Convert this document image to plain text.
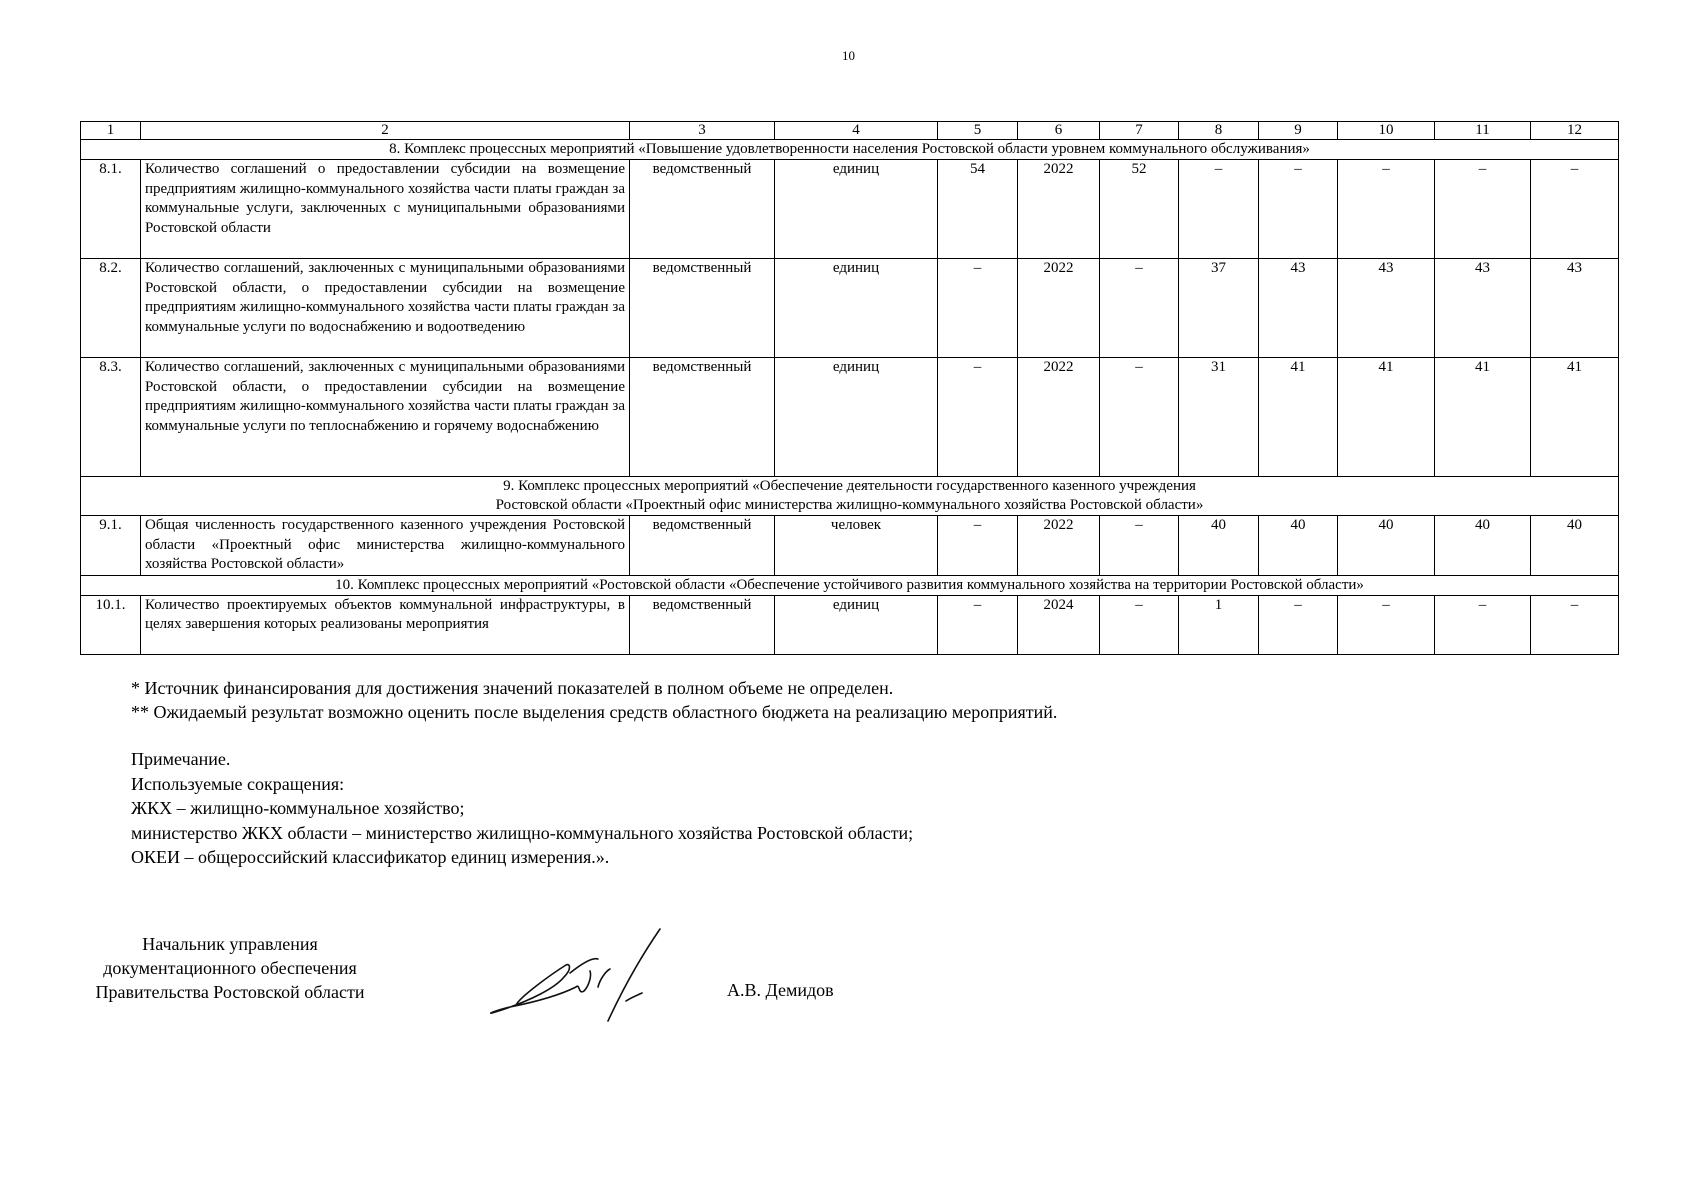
10
1	2	3	4	5	6	7	8	9	10	11	12
8. Комплекс процессных мероприятий «Повышение удовлетворенности населения Ростовской области уровнем коммунального обслуживания»											
8.1.	Количество соглашений о предоставлении субсидии на возмещение предприятиям жилищно-коммунального хозяйства части платы граждан за коммунальные услуги, заключенных с муниципальными образованиями Ростовской области	ведомственный	единиц	54	2022	52	–	–	–	–	–
8.2.	Количество соглашений, заключенных с муниципальными образованиями Ростовской области, о предоставлении субсидии на возмещение предприятиям жилищно-коммунального хозяйства части платы граждан за коммунальные услуги по водоснабжению и водоотведению	ведомственный	единиц	–	2022	–	37	43	43	43	43
8.3.	Количество соглашений, заключенных с муниципальными образованиями Ростовской области, о предоставлении субсидии на возмещение предприятиям жилищно-коммунального хозяйства части платы граждан за коммунальные услуги по теплоснабжению и горячему водоснабжению	ведомственный	единиц	–	2022	–	31	41	41	41	41

9. Комплекс процессных мероприятий «Обеспечение деятельности государственного казенного учреждения
Ростовской области «Проектный офис министерства жилищно-коммунального хозяйства Ростовской области»											

9.1.	Общая численность государственного казенного учреждения Ростовской области «Проектный офис министерства жилищно-коммунального хозяйства Ростовской области»	ведомственный	человек	–	2022	–	40	40	40	40	40
10. Комплекс процессных мероприятий «Ростовской области «Обеспечение устойчивого развития коммунального хозяйства на территории Ростовской области»											
10.1.	Количество проектируемых объектов коммунальной инфраструктуры, в целях завершения которых реализованы мероприятия	ведомственный	единиц	–	2024	–	1	–	–	–	–

* Источник финансирования для достижения значений показателей в полном объеме не определен.

** Ожидаемый результат возможно оценить после выделения средств областного бюджета на реализацию мероприятий.

Примечание.

Используемые сокращения:

ЖКХ – жилищно-коммунальное хозяйство;

министерство ЖКХ области – министерство жилищно-коммунального хозяйства Ростовской области;

ОКЕИ – общероссийский классификатор единиц измерения.».

Начальник управления

документационного обеспечения

Правительства Ростовской области	А.В. Демидов
